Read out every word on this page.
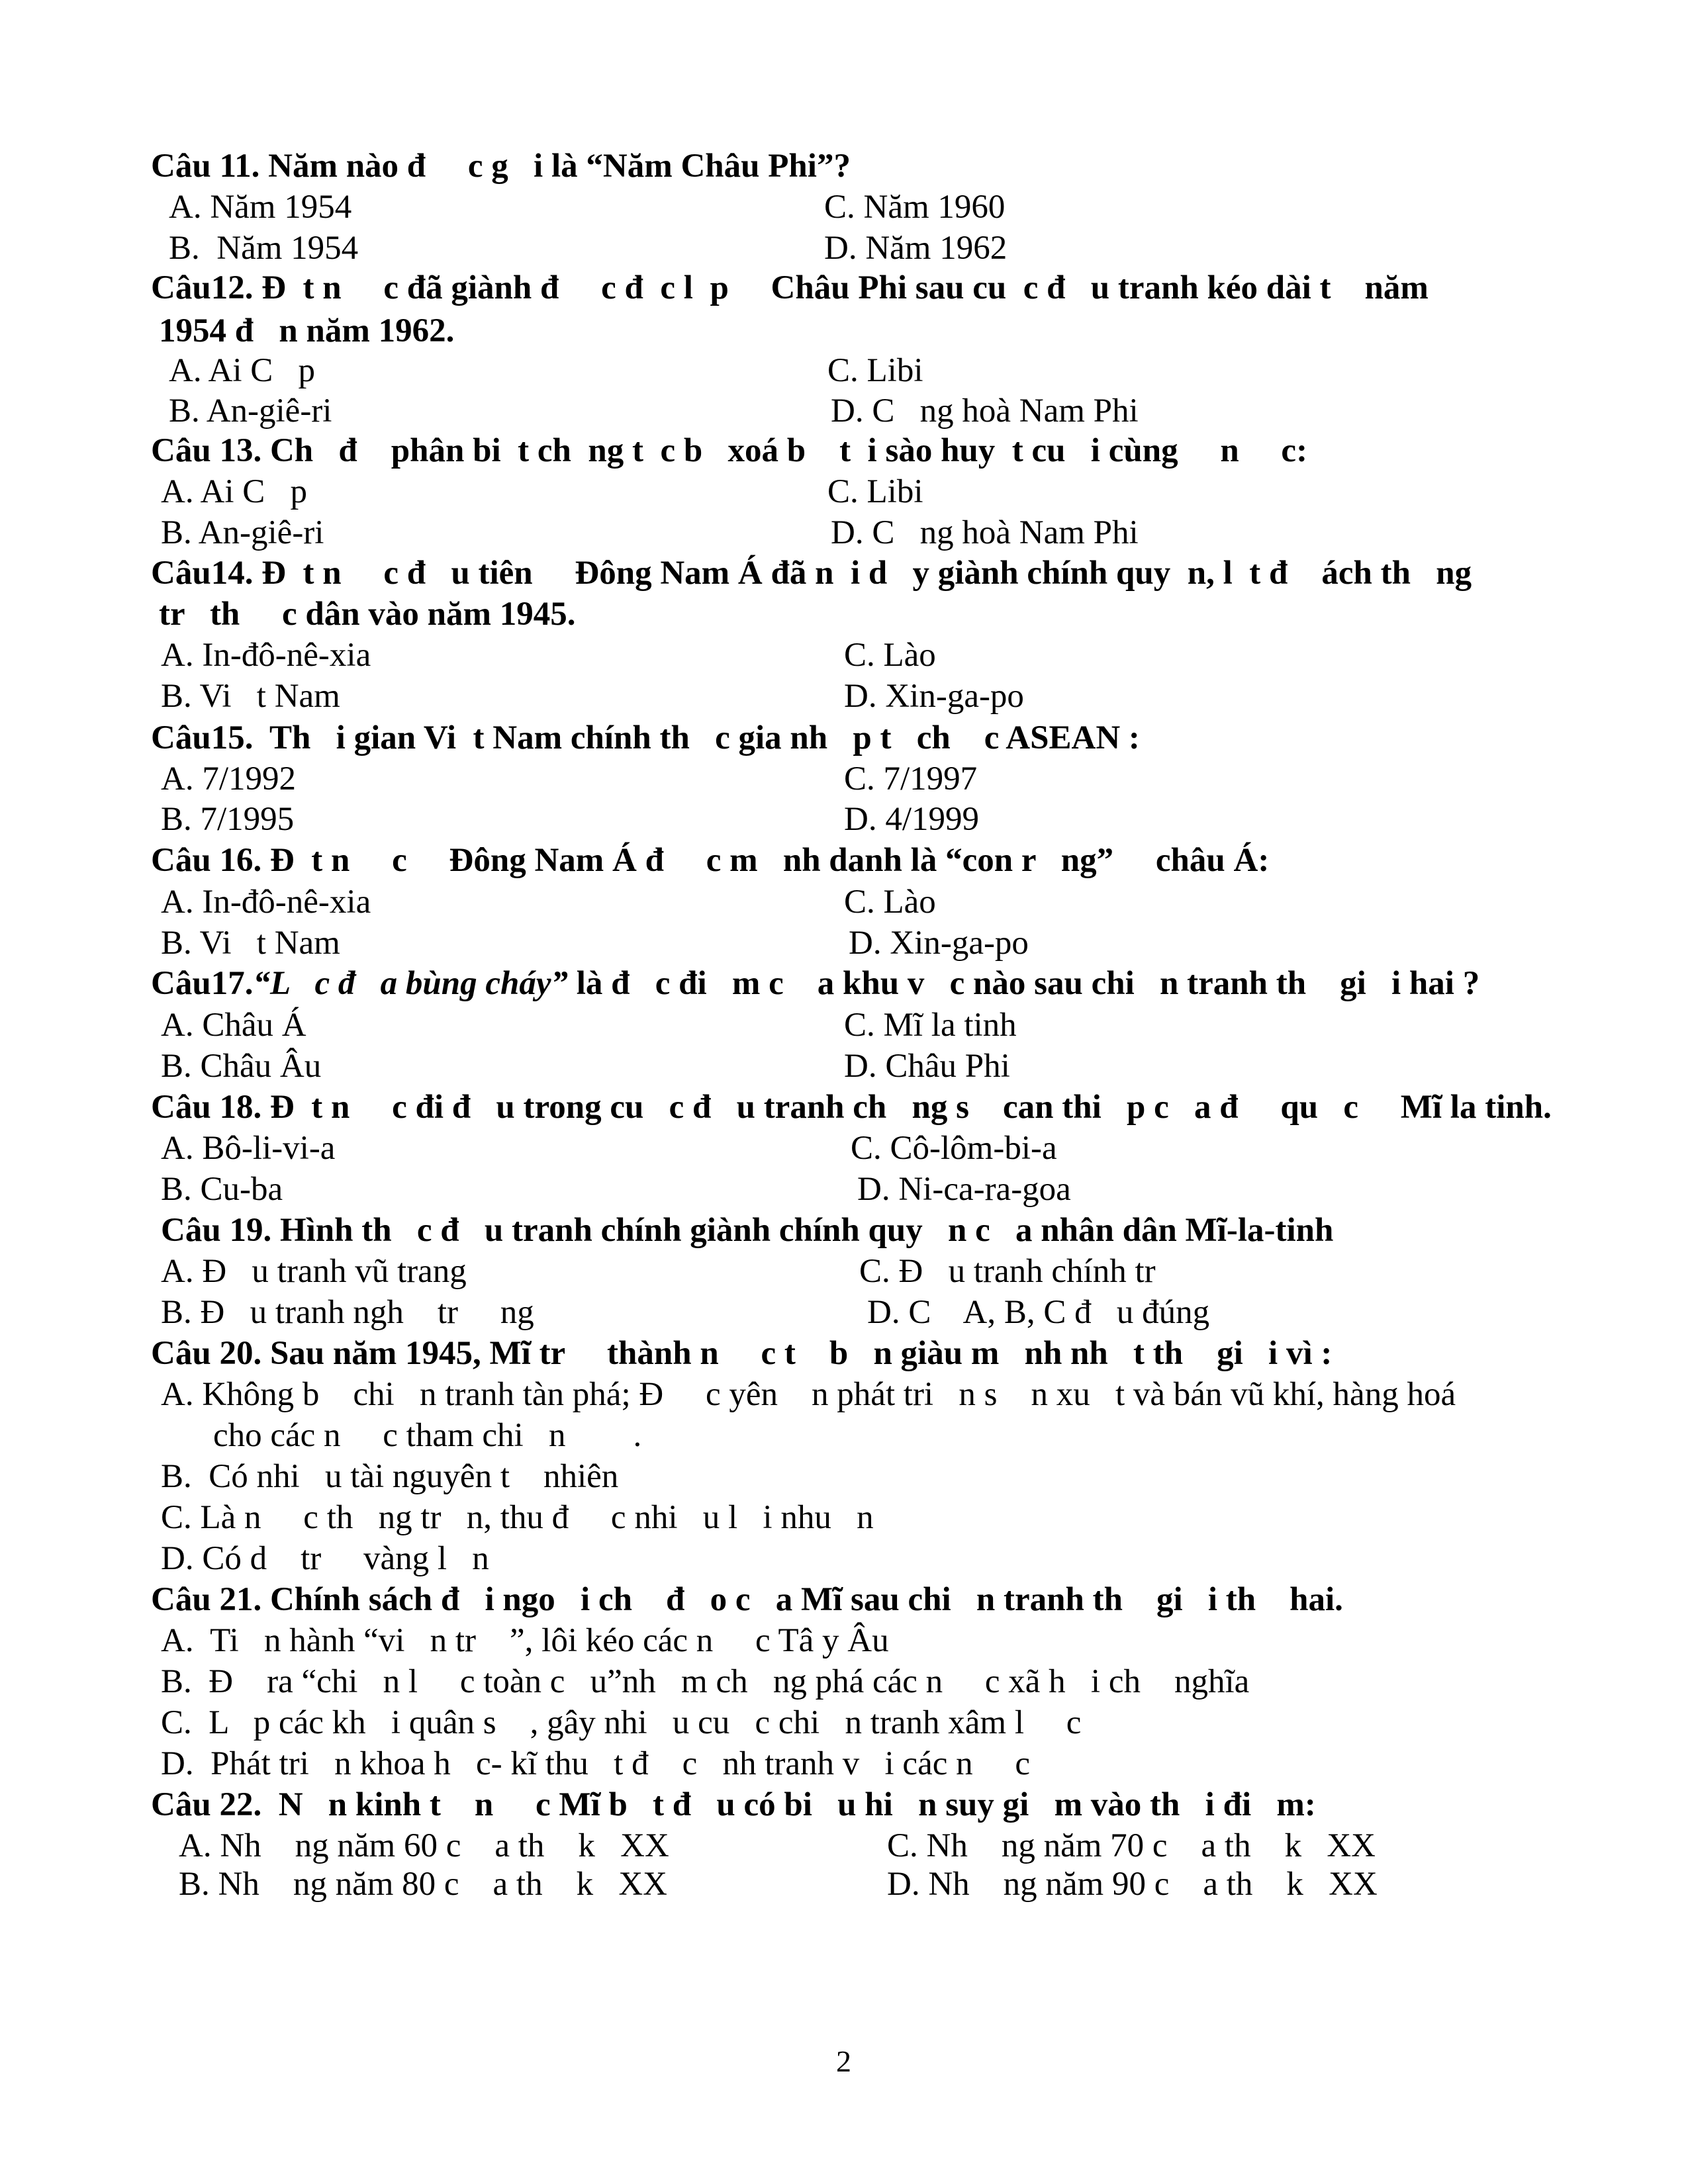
Câu 11. Năm nào đ     c g   i là “Năm Châu Phi”?
A. Năm 1954	C. Năm 1960
B.  Năm 1954	D. Năm 1962
Câu12. Đ  t n     c đã giành đ     c đ  c l  p     Châu Phi sau cu  c đ   u tranh kéo dài t    năm
1954 đ   n năm 1962.
A. Ai C   p	C. Libi
B. An-giê-ri	D. C   ng hoà Nam Phi
Câu 13. Ch   đ    phân bi  t ch  ng t  c b   xoá b    t  i sào huy  t cu   i cùng     n     c:
A. Ai C   p	C. Libi
B. An-giê-ri	D. C   ng hoà Nam Phi
Câu14. Đ  t n     c đ   u tiên     Đông Nam Á đã n  i d   y giành chính quy  n, l  t đ    ách th   ng
tr   th     c dân vào năm 1945.
A. In-đô-nê-xia	C. Lào
B. Vi   t Nam	D. Xin-ga-po
Câu15.  Th   i gian Vi  t Nam chính th   c gia nh   p t   ch    c ASEAN :
A. 7/1992	C. 7/1997
B. 7/1995	D. 4/1999
Câu 16. Đ  t n     c     Đông Nam Á đ     c m   nh danh là “con r   ng”     châu Á:
A. In-đô-nê-xia	C. Lào
B. Vi   t Nam	D. Xin-ga-po
Câu17.“L   c đ   a bùng cháy” là đ   c đi   m c    a khu v   c nào sau chi   n tranh th    gi   i hai ?
A. Châu Á	C. Mĩ la tinh
B. Châu Âu	D. Châu Phi
Câu 18. Đ  t n     c đi đ   u trong cu   c đ   u tranh ch   ng s    can thi   p c   a đ     qu   c     Mĩ la tinh.
A. Bô-li-vi-a	C. Cô-lôm-bi-a
B. Cu-ba	D. Ni-ca-ra-goa
Câu 19. Hình th   c đ   u tranh chính giành chính quy   n c   a nhân dân Mĩ-la-tinh
A. Đ   u tranh vũ trang	C. Đ   u tranh chính tr
B. Đ   u tranh ngh    tr     ng	D. C    A, B, C đ   u đúng
Câu 20. Sau năm 1945, Mĩ tr     thành n     c t    b   n giàu m   nh nh   t th    gi   i vì :
A. Không b    chi   n tranh tàn phá; Đ     c yên    n phát tri   n s    n xu   t và bán vũ khí, hàng hoá
cho các n     c tham chi   n        .
B.  Có nhi   u tài nguyên t    nhiên
C. Là n     c th   ng tr   n, thu đ     c nhi   u l   i nhu   n
D. Có d    tr     vàng l   n
Câu 21. Chính sách đ   i ngo   i ch    đ   o c   a Mĩ sau chi   n tranh th    gi   i th    hai.
A.  Ti   n hành “vi   n tr    ”, lôi kéo các n     c Tâ y Âu
B.  Đ    ra “chi   n l     c toàn c   u”nh   m ch   ng phá các n     c xã h   i ch    nghĩa
C.  L   p các kh   i quân s    , gây nhi   u cu   c chi   n tranh xâm l     c
D.  Phát tri   n khoa h   c- kĩ thu   t đ    c   nh tranh v   i các n     c
Câu 22.  N   n kinh t    n     c Mĩ b   t đ   u có bi   u hi   n suy gi   m vào th   i đi   m:
A. Nh    ng năm 60 c    a th    k   XX	C. Nh    ng năm 70 c    a th    k   XX
B. Nh    ng năm 80 c    a th    k   XX	D. Nh    ng năm 90 c    a th    k   XX
2
